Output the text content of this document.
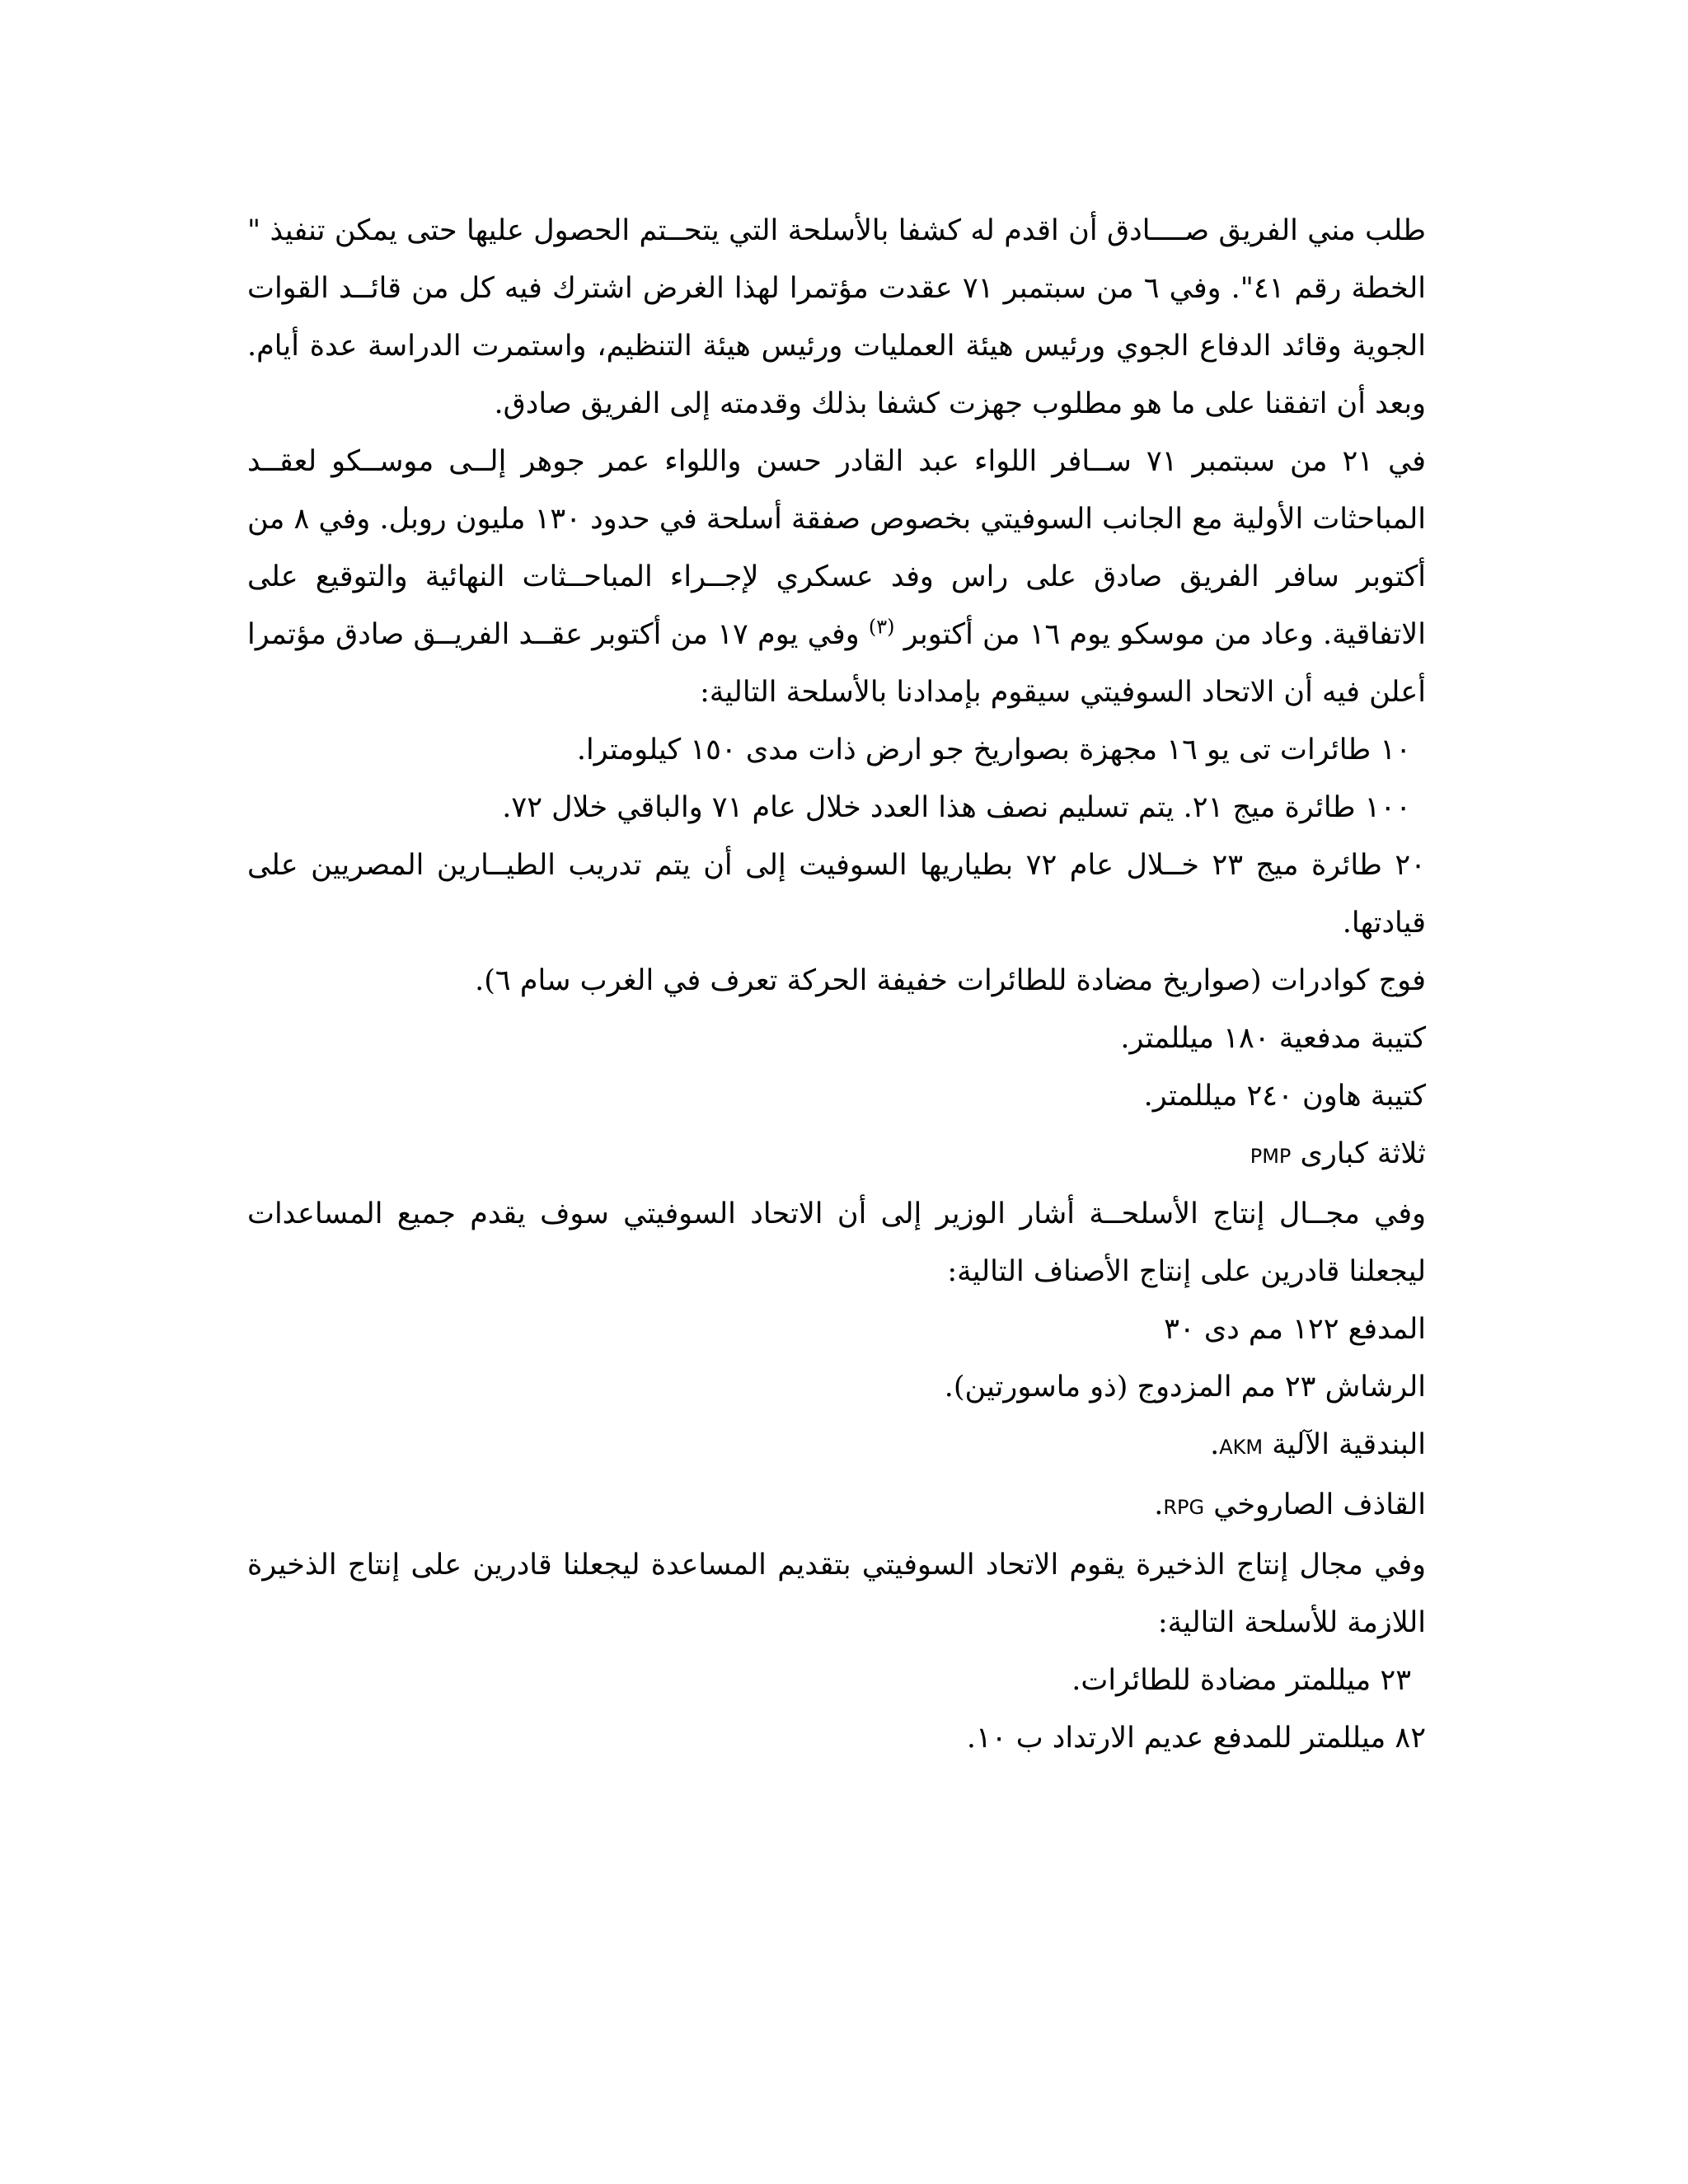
طلب مني الفريق صــــادق أن اقدم له كشفا بالأسلحة التي يتحــتم الحصول عليها حتى يمكن تنفيذ " الخطة رقم ٤١". وفي ٦ من سبتمبر ٧١ عقدت مؤتمرا لهذا الغرض اشترك فيه كل من قائــد القوات الجوية وقائد الدفاع الجوي ورئيس هيئة العمليات ورئيس هيئة التنظيم، واستمرت الدراسة عدة أيام. وبعد أن اتفقنا على ما هو مطلوب جهزت كشفا بذلك وقدمته إلى الفريق صادق.

في ٢١ من سبتمبر ٧١ ســافر اللواء عبد القادر حسن واللواء عمر جوهر إلــى موســكو لعقــد المباحثات الأولية مع الجانب السوفيتي بخصوص صفقة أسلحة في حدود ١٣٠ مليون روبل. وفي ٨ من أكتوبر سافر الفريق صادق على راس وفد عسكري لإجــراء المباحــثات النهائية والتوقيع على الاتفاقية. وعاد من موسكو يوم ١٦ من أكتوبر $^{(٣)}$ وفي يوم ١٧ من أكتوبر عقــد الفريــق صادق مؤتمرا أعلن فيه أن الاتحاد السوفيتي سيقوم بإمدادنا بالأسلحة التالية:

١٠ طائرات تى يو ١٦ مجهزة بصواريخ جو ارض ذات مدى ١٥٠ كيلومترا.

١٠٠ طائرة ميج ٢١. يتم تسليم نصف هذا العدد خلال عام ٧١ والباقي خلال ٧٢.

٢٠ طائرة ميج ٢٣ خــلال عام ٧٢ بطياريها السوفيت إلى أن يتم تدريب الطيــارين المصريين على قيادتها.

فوج كوادرات (صواريخ مضادة للطائرات خفيفة الحركة تعرف في الغرب سام ٦).

كتيبة مدفعية ١٨٠ ميللمتر.

كتيبة هاون ٢٤٠ ميللمتر.

ثلاثة كبارى PMP

وفي مجــال إنتاج الأسلحــة أشار الوزير إلى أن الاتحاد السوفيتي سوف يقدم جميع المساعدات ليجعلنا قادرين على إنتاج الأصناف التالية:

المدفع ١٢٢ مم دى ٣٠

الرشاش ٢٣ مم المزدوج (ذو ماسورتين).

البندقية الآلية AKM.

القاذف الصاروخي RPG.

وفي مجال إنتاج الذخيرة يقوم الاتحاد السوفيتي بتقديم المساعدة ليجعلنا قادرين على إنتاج الذخيرة اللازمة للأسلحة التالية:

٢٣ ميللمتر مضادة للطائرات.

٨٢ ميللمتر للمدفع عديم الارتداد ب ١٠.
